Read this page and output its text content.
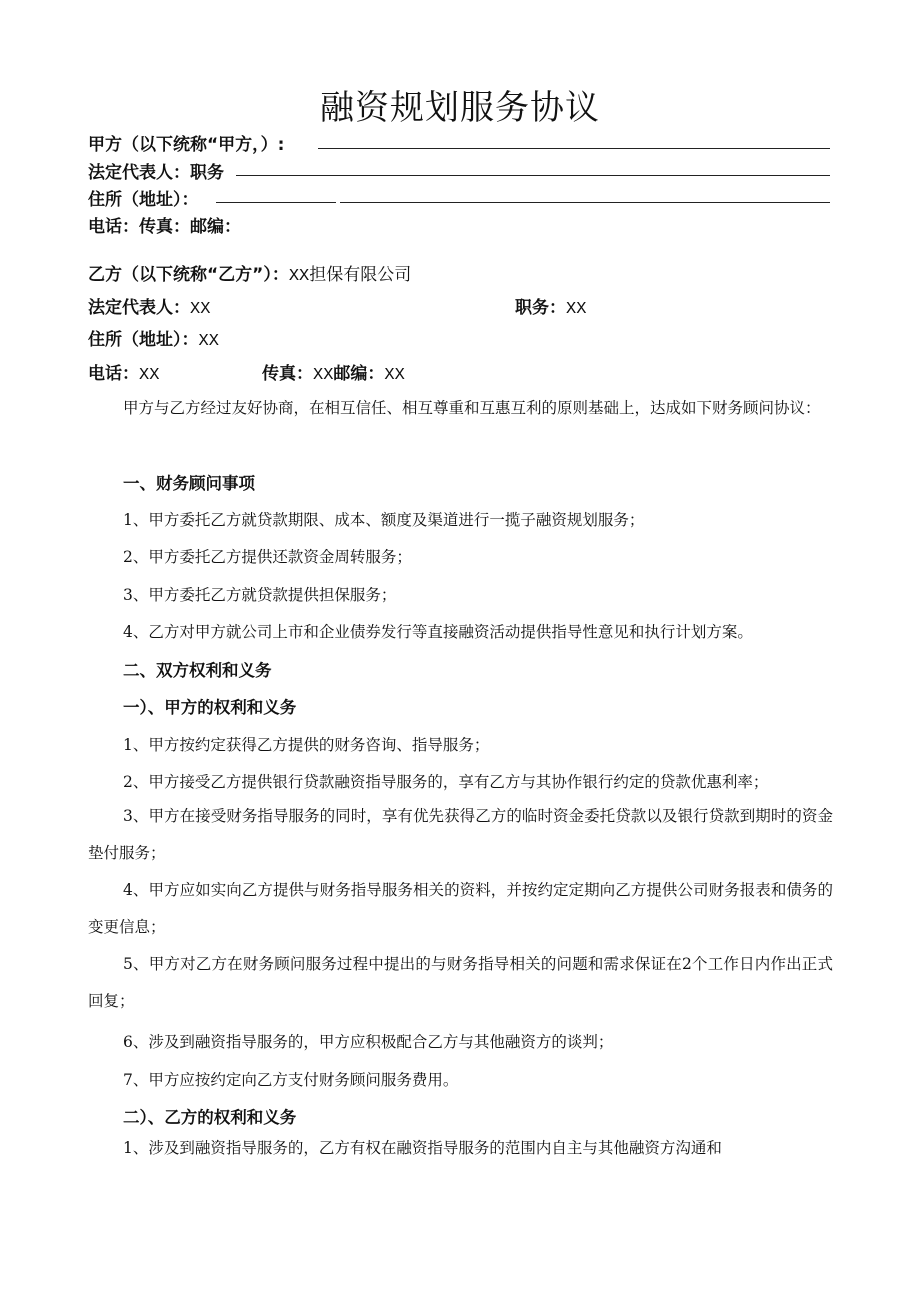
融资规划服务协议
甲方（以下统称“甲方，）:
法定代表人：职务
住所（地址）：
电话：传真：邮编：
乙方（以下统称“乙方”）：XX担保有限公司
法定代表人：XX	职务：XX
住所（地址）：XX
电话：XX	传真：XX邮编：XX
甲方与乙方经过友好协商，在相互信任、相互尊重和互惠互利的原则基础上，达成如下财务顾问协议：
一、财务顾问事项
1、甲方委托乙方就贷款期限、成本、额度及渠道进行一揽子融资规划服务；
2、甲方委托乙方提供还款资金周转服务；
3、甲方委托乙方就贷款提供担保服务；
4、乙方对甲方就公司上市和企业债券发行等直接融资活动提供指导性意见和执行计划方案。
二、双方权利和义务
一）、甲方的权利和义务
1、甲方按约定获得乙方提供的财务咨询、指导服务；
2、甲方接受乙方提供银行贷款融资指导服务的，享有乙方与其协作银行约定的贷款优惠利率；
3、甲方在接受财务指导服务的同时，享有优先获得乙方的临时资金委托贷款以及银行贷款到期时的资金垫付服务；
4、甲方应如实向乙方提供与财务指导服务相关的资料，并按约定定期向乙方提供公司财务报表和债务的变更信息；
5、甲方对乙方在财务顾问服务过程中提出的与财务指导相关的问题和需求保证在2个工作日内作出正式回复；
6、涉及到融资指导服务的，甲方应积极配合乙方与其他融资方的谈判；
7、甲方应按约定向乙方支付财务顾问服务费用。
二）、乙方的权利和义务
1、涉及到融资指导服务的，乙方有权在融资指导服务的范围内自主与其他融资方沟通和
